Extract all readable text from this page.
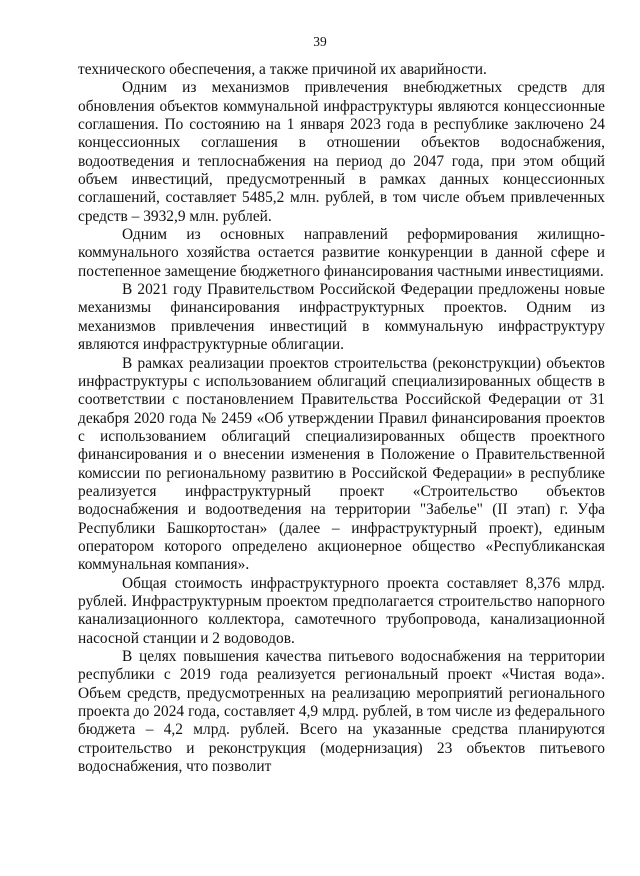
39

технического обеспечения, а также причиной их аварийности.

Одним из механизмов привлечения внебюджетных средств для обновления объектов коммунальной инфраструктуры являются концессионные соглашения. По состоянию на 1 января 2023 года в республике заключено 24 концессионных соглашения в отношении объектов водоснабжения, водоотведения и теплоснабжения на период до 2047 года, при этом общий объем инвестиций, предусмотренный в рамках данных концессионных соглашений, составляет 5485,2 млн. рублей, в том числе объем привлеченных средств – 3932,9 млн. рублей.

Одним из основных направлений реформирования жилищно-коммунального хозяйства остается развитие конкуренции в данной сфере и постепенное замещение бюджетного финансирования частными инвестициями.

В 2021 году Правительством Российской Федерации предложены новые механизмы финансирования инфраструктурных проектов. Одним из механизмов привлечения инвестиций в коммунальную инфраструктуру являются инфраструктурные облигации.

В рамках реализации проектов строительства (реконструкции) объектов инфраструктуры с использованием облигаций специализированных обществ в соответствии с постановлением Правительства Российской Федерации от 31 декабря 2020 года № 2459 «Об утверждении Правил финансирования проектов с использованием облигаций специализированных обществ проектного финансирования и о внесении изменения в Положение о Правительственной комиссии по региональному развитию в Российской Федерации» в республике реализуется инфраструктурный проект «Строительство объектов водоснабжения и водоотведения на территории "Забелье" (II этап) г. Уфа Республики Башкортостан» (далее – инфраструктурный проект), единым оператором которого определено акционерное общество «Республиканская коммунальная компания».

Общая стоимость инфраструктурного проекта составляет 8,376 млрд. рублей. Инфраструктурным проектом предполагается строительство напорного канализационного коллектора, самотечного трубопровода, канализационной насосной станции и 2 водоводов.

В целях повышения качества питьевого водоснабжения на территории республики с 2019 года реализуется региональный проект «Чистая вода». Объем средств, предусмотренных на реализацию мероприятий регионального проекта до 2024 года, составляет 4,9 млрд. рублей, в том числе из федерального бюджета – 4,2 млрд. рублей. Всего на указанные средства планируются строительство и реконструкция (модернизация) 23 объектов питьевого водоснабжения, что позволит
